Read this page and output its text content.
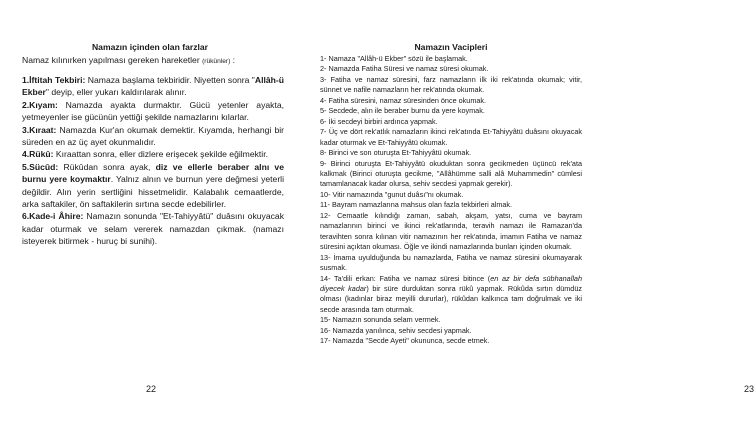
Namazın içinden olan farzlar

Namaz kılınırken yapılması gereken hareketler (rükünler) :

1.İftitah Tekbiri: Namaza başlama tekbiridir. Niyetten sonra "Allâh-ü Ekber" deyip, eller yukarı kaldırılarak alınır.

2.Kıyam: Namazda ayakta durmaktır. Gücü yetenler ayakta, yetmeyenler ise gücünün yettiği şekilde namazlarını kılarlar.

3.Kıraat: Namazda Kur'an okumak demektir. Kıyamda, herhangi bir süreden en az üç ayet okunmalıdır.

4.Rükû: Kıraattan sonra, eller dizlere erişecek şekilde eğilmektir.

5.Sücûd: Rükûdan sonra ayak, diz ve ellerle beraber alnı ve burnu yere koymaktır. Yalnız alnın ve burnun yere değmesi yeterli değildir. Alın yerin sertliğini hissetmelidir. Kalabalık cemaatlerde, arka saftakiler, ön saftakilerin sırtına secde edebilirler.

6.Kade-i Âhire: Namazın sonunda "Et-Tahiyyâtü" duâsını okuyacak kadar oturmak ve selam vererek namazdan çıkmak. (namazı isteyerek bitirmek - huruç bi sunihi).

22

Namazın Vacipleri

1- Namaza "Allâh-ü Ekber" sözü ile başlamak.

2- Namazda Fatiha Süresi ve namaz süresi okumak.

3- Fatiha ve namaz süresini, farz namazların ilk iki rek'atında okumak; vitir, sünnet ve nafile namazların her rek'atında okumak.

4- Fatiha süresini, namaz süresinden önce okumak.

5- Secdede, alın ile beraber burnu da yere koymak.

6- İki secdeyi birbiri ardınca yapmak.

7- Üç ve dört rek'atlık namazların ikinci rek'atında Et-Tahiyyâtü duâsını okuyacak kadar oturmak ve Et-Tahiyyâtü okumak.

8- Birinci ve son oturuşta Et-Tahiyyâtü okumak.

9- Birinci oturuşta Et-Tahiyyâtü okuduktan sonra gecikmeden üçüncü rek'ata kalkmak (Birinci oturuşta gecikme, "Allâhümme salli alâ Muhammedin" cümlesi tamamlanacak kadar olursa, sehiv secdesi yapmak gerekir).

10- Vitir namazında "gunut duâsı"nı okumak.

11- Bayram namazlarına mahsus olan fazla tekbirleri almak.

12- Cemaatle kılındığı zaman, sabah, akşam, yatsı, cuma ve bayram namazlarının birinci ve ikinci rek'atlarında, teravih namazı ile Ramazan'da teravihten sonra kılınan vitir namazının her rek'atında, imamın Fatiha ve namaz süresini açıktan okuması. Öğle ve ikindi namazlarında bunları içinden okumak.

13- İmama uyulduğunda bu namazlarda, Fatiha ve namaz süresini okumayarak susmak.

14- Ta'dili erkan: Fatiha ve namaz süresi bitince (en az bir defa sübhanallah diyecek kadar) bir süre durduktan sonra rükû yapmak. Rükûda sırtın dümdüz olması (kadınlar biraz meyilli dururlar), rükûdan kalkınca tam doğrulmak ve iki secde arasında tam oturmak.

15- Namazın sonunda selam vermek.

16- Namazda yanılınca, sehiv secdesi yapmak.

17- Namazda "Secde Ayeti" okununca, secde etmek.

23
